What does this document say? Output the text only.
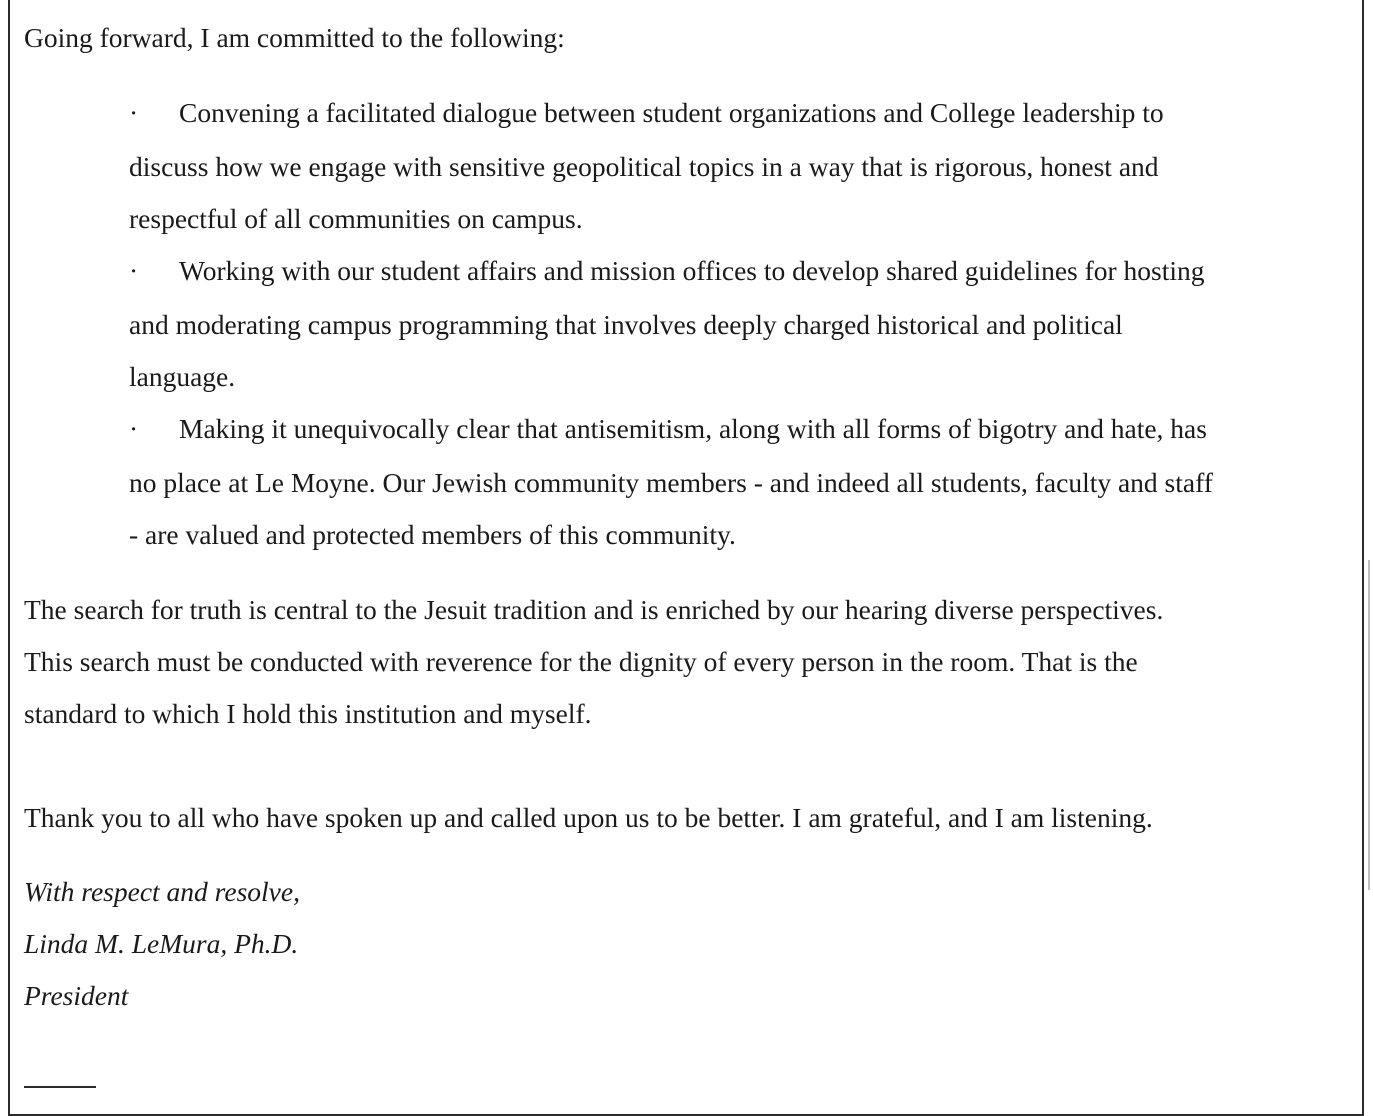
Going forward, I am committed to the following:
· Convening a facilitated dialogue between student organizations and College leadership to
discuss how we engage with sensitive geopolitical topics in a way that is rigorous, honest and
respectful of all communities on campus.
· Working with our student affairs and mission offices to develop shared guidelines for hosting
and moderating campus programming that involves deeply charged historical and political
language.
· Making it unequivocally clear that antisemitism, along with all forms of bigotry and hate, has
no place at Le Moyne. Our Jewish community members - and indeed all students, faculty and staff
- are valued and protected members of this community.
The search for truth is central to the Jesuit tradition and is enriched by our hearing diverse perspectives.
This search must be conducted with reverence for the dignity of every person in the room. That is the
standard to which I hold this institution and myself.
Thank you to all who have spoken up and called upon us to be better. I am grateful, and I am listening.
With respect and resolve,
Linda M. LeMura, Ph.D.
President
